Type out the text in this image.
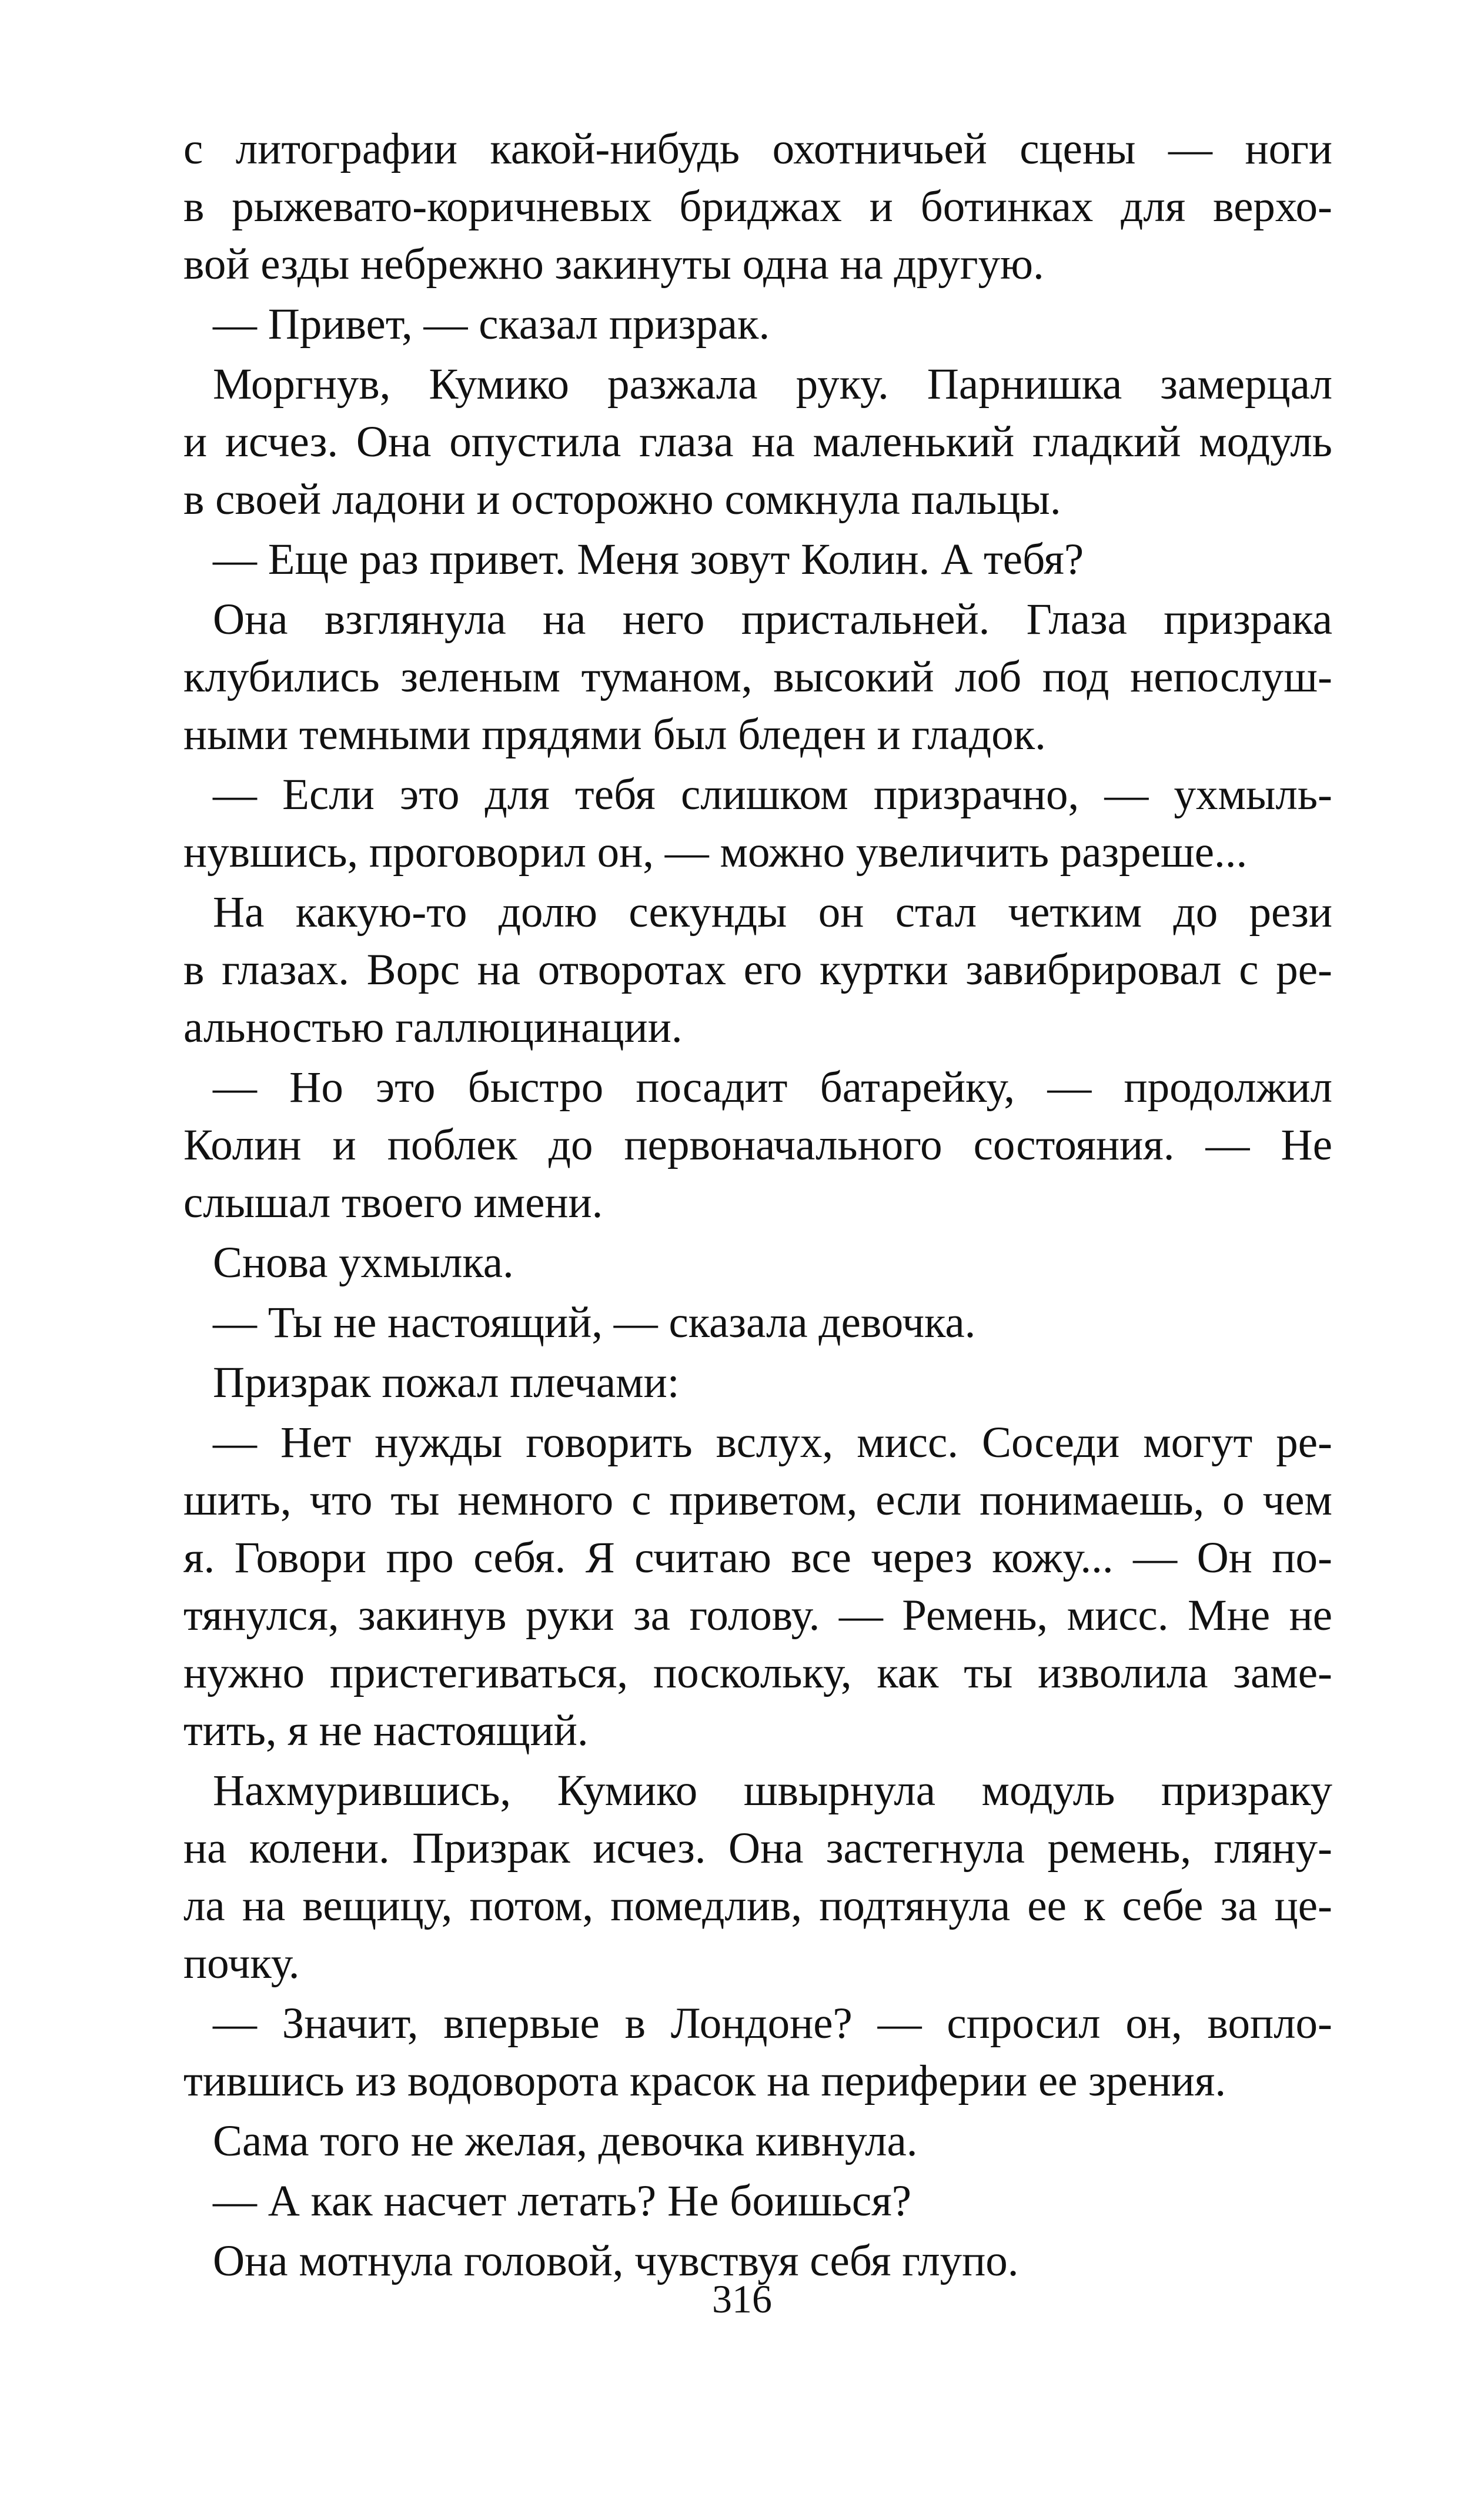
с литографии какой-нибудь охотничьей сцены — ноги
в рыжевато-коричневых бриджах и ботинках для верхо-
вой езды небрежно закинуты одна на другую.
— Привет, — сказал призрак.
Моргнув, Кумико разжала руку. Парнишка замерцал
и исчез. Она опустила глаза на маленький гладкий модуль
в своей ладони и осторожно сомкнула пальцы.
— Еще раз привет. Меня зовут Колин. А тебя?
Она взглянула на него пристальней. Глаза призрака
клубились зеленым туманом, высокий лоб под непослуш-
ными темными прядями был бледен и гладок.
— Если это для тебя слишком призрачно, — ухмыль-
нувшись, проговорил он, — можно увеличить разреше...
На какую-то долю секунды он стал четким до рези
в глазах. Ворс на отворотах его куртки завибрировал с ре-
альностью галлюцинации.
— Но это быстро посадит батарейку, — продолжил
Колин и поблек до первоначального состояния. — Не
слышал твоего имени.
Снова ухмылка.
— Ты не настоящий, — сказала девочка.
Призрак пожал плечами:
— Нет нужды говорить вслух, мисс. Соседи могут ре-
шить, что ты немного с приветом, если понимаешь, о чем
я. Говори про себя. Я считаю все через кожу... — Он по-
тянулся, закинув руки за голову. — Ремень, мисс. Мне не
нужно пристегиваться, поскольку, как ты изволила заме-
тить, я не настоящий.
Нахмурившись, Кумико швырнула модуль призраку
на колени. Призрак исчез. Она застегнула ремень, гляну-
ла на вещицу, потом, помедлив, подтянула ее к себе за це-
почку.
— Значит, впервые в Лондоне? — спросил он, вопло-
тившись из водоворота красок на периферии ее зрения.
Сама того не желая, девочка кивнула.
— А как насчет летать? Не боишься?
Она мотнула головой, чувствуя себя глупо.
316
